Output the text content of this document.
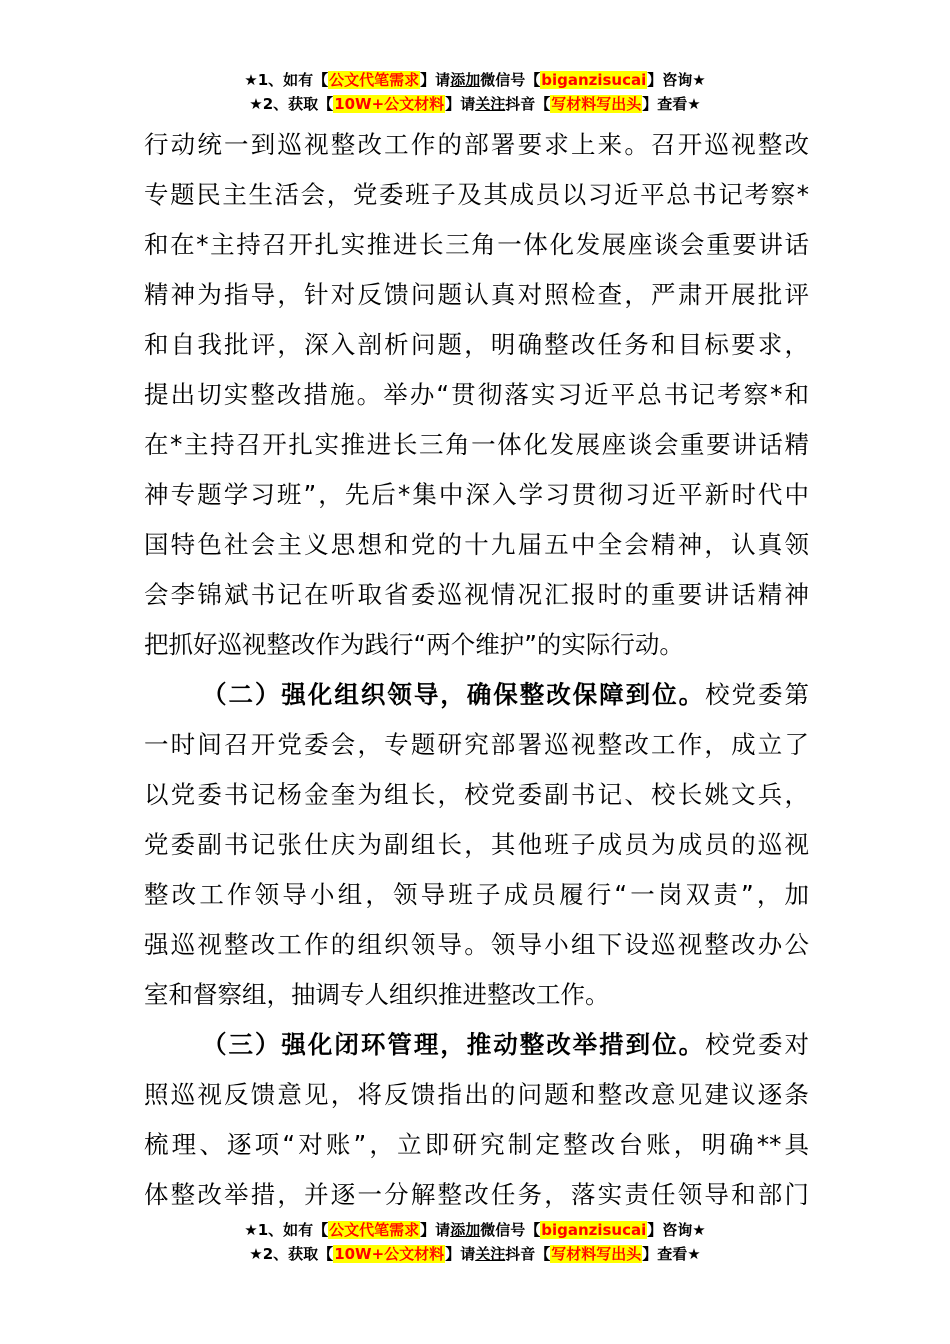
★1、如有【公文代笔需求】请添加微信号【biganzisucai】咨询★
★2、获取【10W+公文材料】请关注抖音【写材料写出头】查看★
行动统一到巡视整改工作的部署要求上来。召开巡视整改
专题民主生活会，党委班子及其成员以习近平总书记考察*
和在*主持召开扎实推进长三角一体化发展座谈会重要讲话
精神为指导，针对反馈问题认真对照检查，严肃开展批评
和自我批评，深入剖析问题，明确整改任务和目标要求，
提出切实整改措施。举办“贯彻落实习近平总书记考察*和
在*主持召开扎实推进长三角一体化发展座谈会重要讲话精
神专题学习班”，先后*集中深入学习贯彻习近平新时代中
国特色社会主义思想和党的十九届五中全会精神，认真领
会李锦斌书记在听取省委巡视情况汇报时的重要讲话精神
把抓好巡视整改作为践行“两个维护”的实际行动。
（二）强化组织领导，确保整改保障到位。校党委第
一时间召开党委会，专题研究部署巡视整改工作，成立了
以党委书记杨金奎为组长，校党委副书记、校长姚文兵，
党委副书记张仕庆为副组长，其他班子成员为成员的巡视
整改工作领导小组，领导班子成员履行“一岗双责”，加
强巡视整改工作的组织领导。领导小组下设巡视整改办公
室和督察组，抽调专人组织推进整改工作。
（三）强化闭环管理，推动整改举措到位。校党委对
照巡视反馈意见，将反馈指出的问题和整改意见建议逐条
梳理、逐项“对账”，立即研究制定整改台账，明确**具
体整改举措，并逐一分解整改任务，落实责任领导和部门
★1、如有【公文代笔需求】请添加微信号【biganzisucai】咨询★
★2、获取【10W+公文材料】请关注抖音【写材料写出头】查看★
